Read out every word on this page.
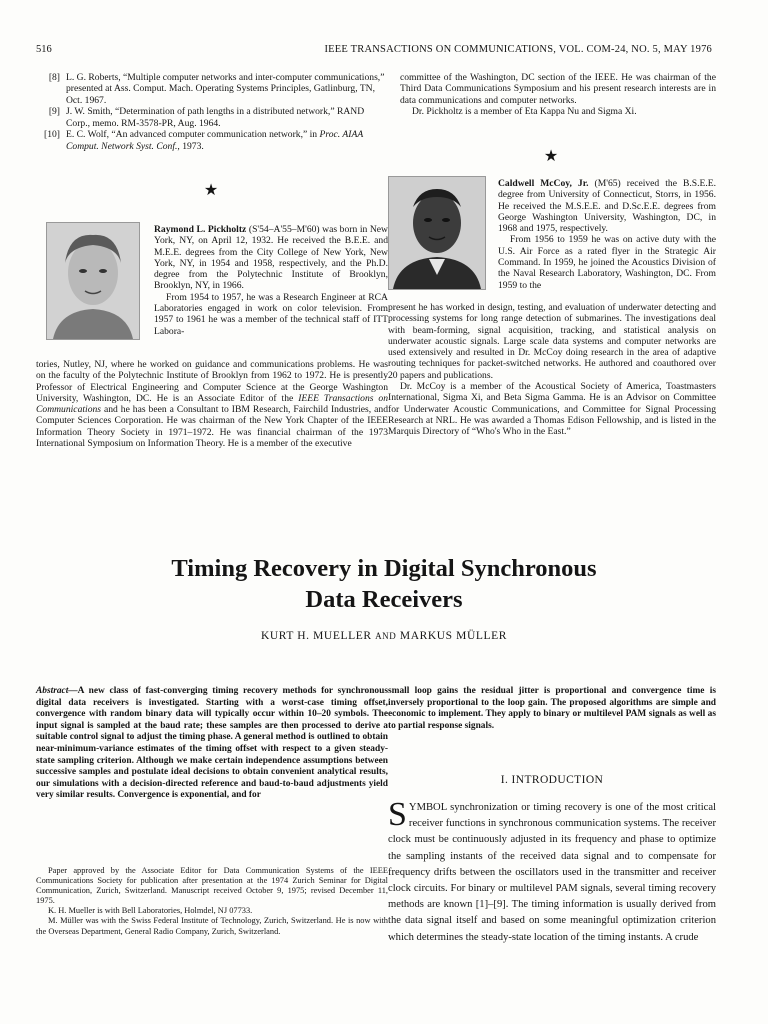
516	IEEE TRANSACTIONS ON COMMUNICATIONS, VOL. COM-24, NO. 5, MAY 1976
[8] L. G. Roberts, “Multiple computer networks and inter-computer communications,” presented at Ass. Comput. Mach. Operating Systems Principles, Gatlinburg, TN, Oct. 1967.
[9] J. W. Smith, “Determination of path lengths in a distributed network,” RAND Corp., memo. RM-3578-PR, Aug. 1964.
[10] E. C. Wolf, “An advanced computer communication network,” in Proc. AIAA Comput. Network Syst. Conf., 1973.

committee of the Washington, DC section of the IEEE. He was chairman of the Third Data Communications Symposium and his present research interests are in data communications and computer networks.

Dr. Pickholtz is a member of Eta Kappa Nu and Sigma Xi.

★
★

Raymond L. Pickholtz (S'54–A'55–M'60) was born in New York, NY, on April 12, 1932. He received the B.E.E. and M.E.E. degrees from the City College of New York, New York, NY, in 1954 and 1958, respectively, and the Ph.D. degree from the Polytechnic Institute of Brooklyn, Brooklyn, NY, in 1966.

From 1954 to 1957, he was a Research Engineer at RCA Laboratories engaged in work on color television. From 1957 to 1961 he was a member of the technical staff of ITT Labora-

tories, Nutley, NJ, where he worked on guidance and communications problems. He was on the faculty of the Polytechnic Institute of Brooklyn from 1962 to 1972. He is presently Professor of Electrical Engineering and Computer Science at the George Washington University, Washington, DC. He is an Associate Editor of the IEEE Transactions on Communications and he has been a Consultant to IBM Research, Fairchild Industries, and Computer Sciences Corporation. He was chairman of the New York Chapter of the IEEE Information Theory Society in 1971–1972. He was financial chairman of the 1973 International Symposium on Information Theory. He is a member of the executive

Caldwell McCoy, Jr. (M'65) received the B.S.E.E. degree from University of Connecticut, Storrs, in 1956. He received the M.S.E.E. and D.Sc.E.E. degrees from George Washington University, Washington, DC, in 1968 and 1975, respectively.

From 1956 to 1959 he was on active duty with the U.S. Air Force as a rated flyer in the Strategic Air Command. In 1959, he joined the Acoustics Division of the Naval Research Laboratory, Washington, DC. From 1959 to the

present he has worked in design, testing, and evaluation of underwater detecting and processing systems for long range detection of submarines. The investigations deal with beam-forming, signal acquisition, tracking, and statistical analysis on underwater acoustic signals. Large scale data systems and computer networks are used extensively and resulted in Dr. McCoy doing research in the area of adaptive routing techniques for packet-switched networks. He authored and coauthored over 20 papers and publications.

Dr. McCoy is a member of the Acoustical Society of America, Toastmasters International, Sigma Xi, and Beta Sigma Gamma. He is an Advisor on Committee for Underwater Acoustic Communications, and Committee for Signal Processing Research at NRL. He was awarded a Thomas Edison Fellowship, and is listed in the Marquis Directory of “Who's Who in the East.”

Timing Recovery in Digital Synchronous
Data Receivers
KURT H. MUELLER AND MARKUS MÜLLER
Abstract—A new class of fast-converging timing recovery methods for synchronous digital data receivers is investigated. Starting with a worst-case timing offset, convergence with random binary data will typically occur within 10–20 symbols. The input signal is sampled at the baud rate; these samples are then processed to derive a suitable control signal to adjust the timing phase. A general method is outlined to obtain near-minimum-variance estimates of the timing offset with respect to a given steady-state sampling criterion. Although we make certain independence assumptions between successive samples and postulate ideal decisions to obtain convenient analytical results, our simulations with a decision-directed reference and baud-to-baud adjustments yield very similar results. Convergence is exponential, and for
small loop gains the residual jitter is proportional and convergence time is inversely proportional to the loop gain. The proposed algorithms are simple and economic to implement. They apply to binary or multilevel PAM signals as well as to partial response signals.

Paper approved by the Associate Editor for Data Communication Systems of the IEEE Communications Society for publication after presentation at the 1974 Zurich Seminar for Digital Communication, Zurich, Switzerland. Manuscript received October 9, 1975; revised December 11, 1975.

K. H. Mueller is with Bell Laboratories, Holmdel, NJ 07733.

M. Müller was with the Swiss Federal Institute of Technology, Zurich, Switzerland. He is now with the Overseas Department, General Radio Company, Zurich, Switzerland.

I. INTRODUCTION
SYMBOL synchronization or timing recovery is one of the most critical receiver functions in synchronous communication systems. The receiver clock must be continuously adjusted in its frequency and phase to optimize the sampling instants of the received data signal and to compensate for frequency drifts between the oscillators used in the transmitter and receiver clock circuits. For binary or multilevel PAM signals, several timing recovery methods are known [1]–[9]. The timing information is usually derived from the data signal itself and based on some meaningful optimization criterion which determines the steady-state location of the timing instants. A crude
